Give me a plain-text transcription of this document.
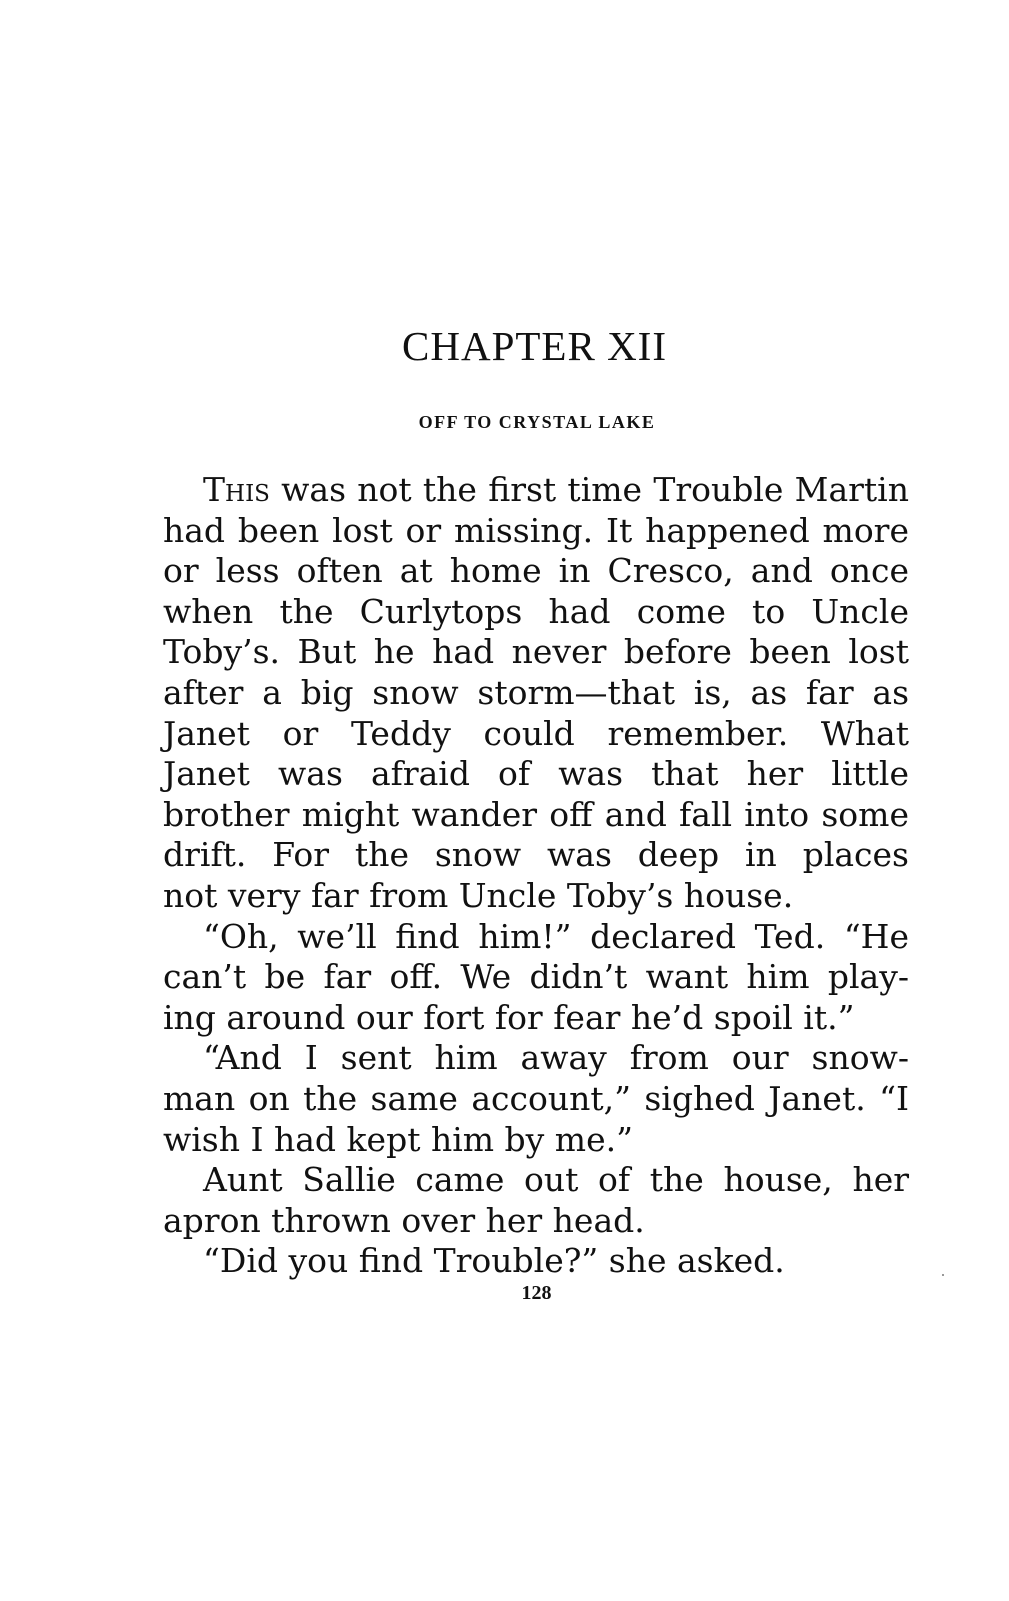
CHAPTER XII
OFF TO CRYSTAL LAKE
This was not the first time Trouble Martin
had been lost or missing. It happened more
or less often at home in Cresco, and once
when the Curlytops had come to Uncle
Toby’s. But he had never before been lost
after a big snow storm—that is, as far as
Janet or Teddy could remember. What
Janet was afraid of was that her little
brother might wander off and fall into some
drift. For the snow was deep in places
not very far from Uncle Toby’s house.
“Oh, we’ll find him!” declared Ted. “He
can’t be far off. We didn’t want him play-
ing around our fort for fear he’d spoil it.”
“And I sent him away from our snow-
man on the same account,” sighed Janet. “I
wish I had kept him by me.”
Aunt Sallie came out of the house, her
apron thrown over her head.
“Did you find Trouble?” she asked.
128
